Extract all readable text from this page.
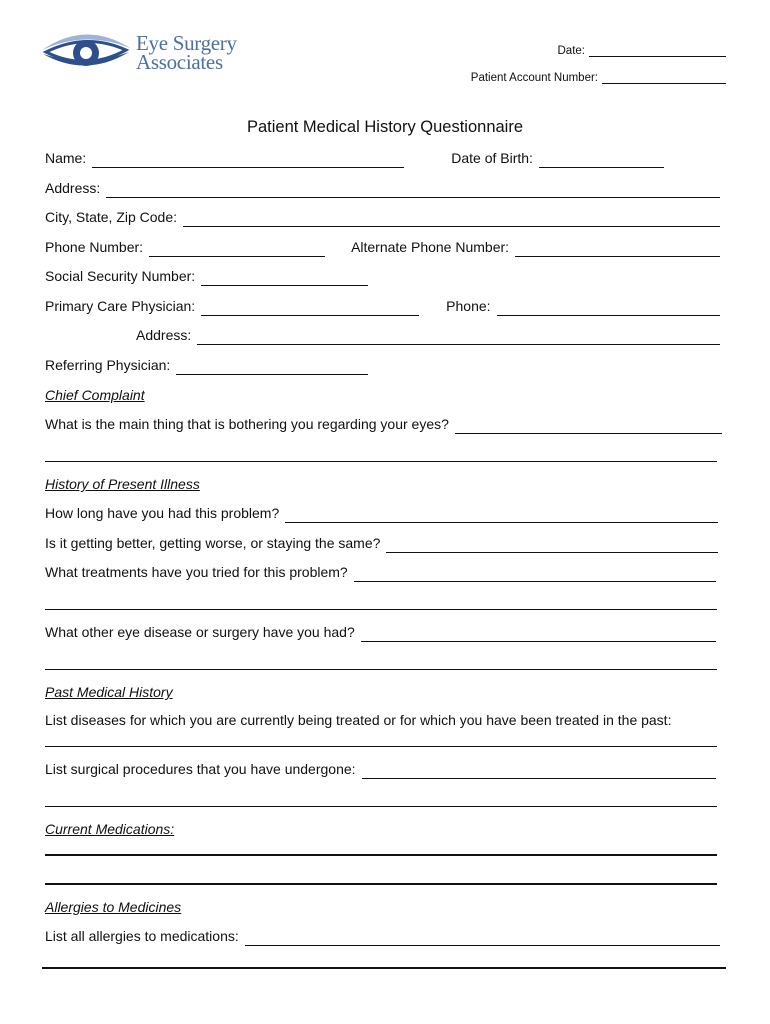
Eye Surgery
Associates	Date:
Patient Account Number:
Patient Medical History Questionnaire
Name:	Date of Birth:
Address:
City, State, Zip Code:
Phone Number:	Alternate Phone Number:
Social Security Number:
Primary Care Physician:	Phone:
Address:
Referring Physician:
Chief Complaint
What is the main thing that is bothering you regarding your eyes?
History of Present Illness
How long have you had this problem?
Is it getting better, getting worse, or staying the same?
What treatments have you tried for this problem?
What other eye disease or surgery have you had?
Past Medical History
List diseases for which you are currently being treated or for which you have been treated in the past:
List surgical procedures that you have undergone:
Current Medications:
Allergies to Medicines
List all allergies to medications:
